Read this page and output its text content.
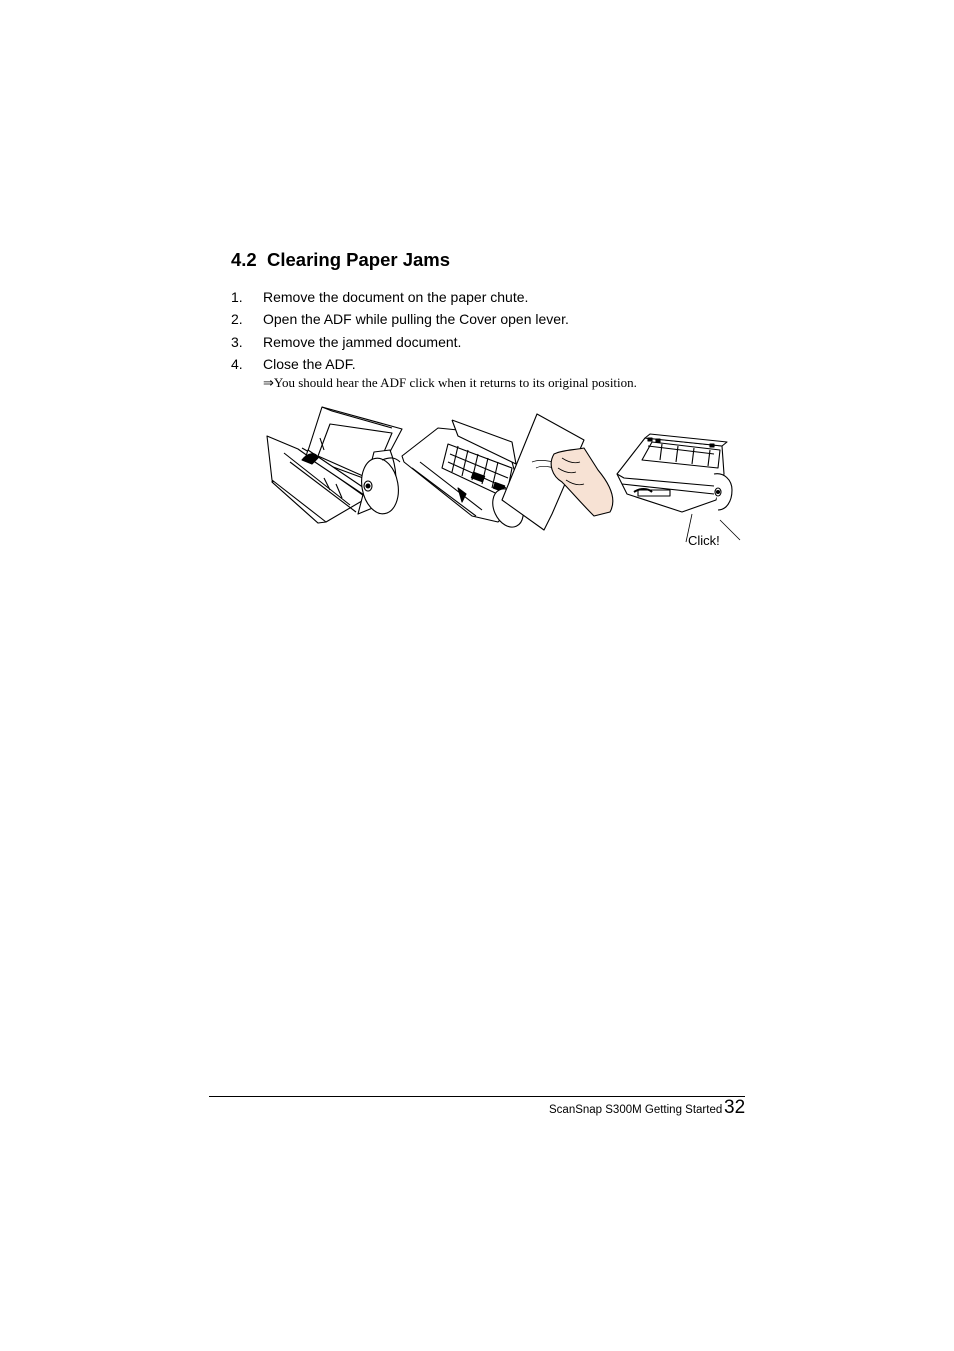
4.2  Clearing Paper Jams
1. Remove the document on the paper chute.
2. Open the ADF while pulling the Cover open lever.
3. Remove the jammed document.
4. Close the ADF.
⇒You should hear the ADF click when it returns to its original position.
Click!
ScanSnap S300M Getting Started 32
